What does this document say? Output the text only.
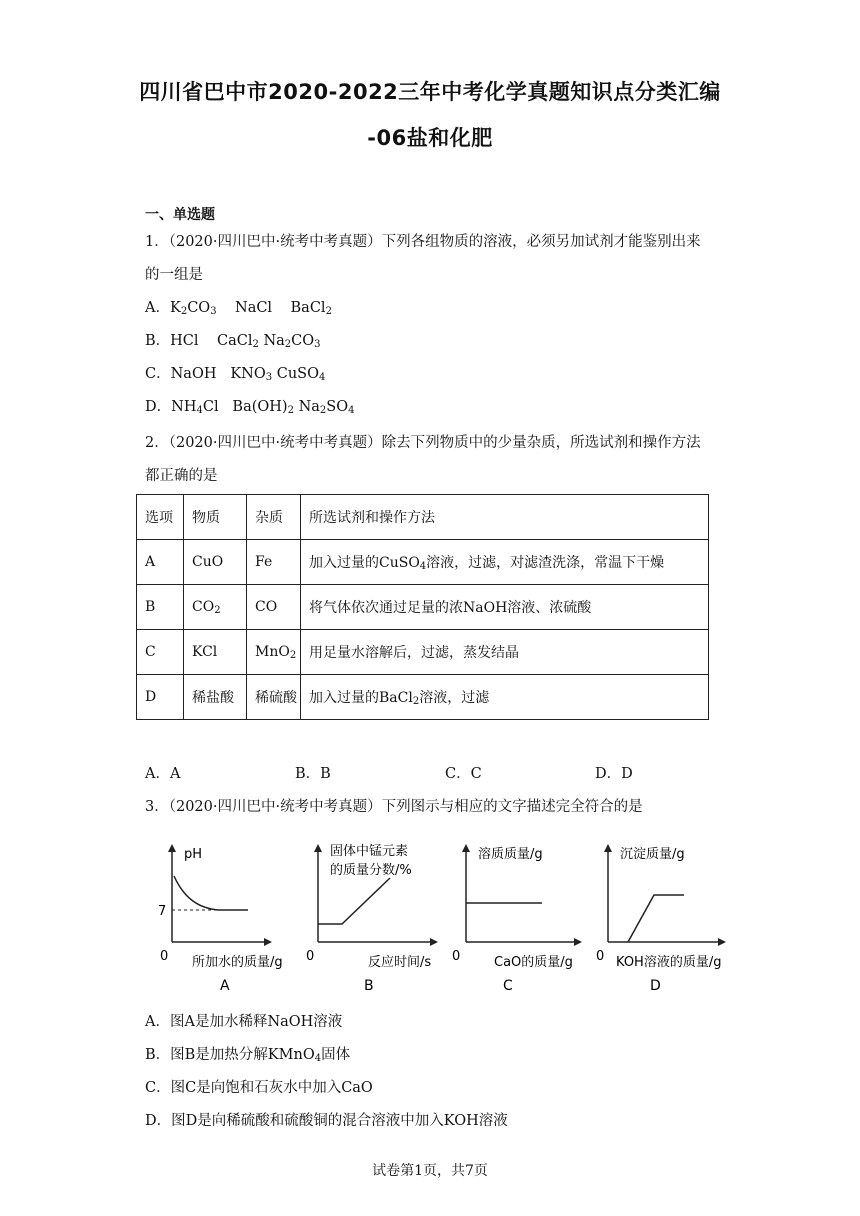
四川省巴中市2020-2022三年中考化学真题知识点分类汇编
-06盐和化肥
一、单选题
1．（2020·四川巴中·统考中考真题）下列各组物质的溶液，必须另加试剂才能鉴别出来
的一组是
A．$K_2CO_3$ NaCl BaCl$_2$
B．HCl CaCl$_2$ $Na_2CO_3$
C．NaOH $KNO_3$ CuSO$_4$
D．$NH_4Cl$ $Ba(OH)_2$ $Na_2SO_4$
2．（2020·四川巴中·统考中考真题）除去下列物质中的少量杂质，所选试剂和操作方法
都正确的是
选项	物质	杂质	所选试剂和操作方法
A	CuO	Fe	加入过量的CuSO$_4$溶液，过滤，对滤渣洗涤，常温下干燥
B	$CO_2$	CO	将气体依次通过足量的浓NaOH溶液、浓硫酸
C	KCl	MnO$_2$	用足量水溶解后，过滤，蒸发结晶
D	稀盐酸	稀硫酸	加入过量的BaCl$_2$溶液，过滤
A．A	B．B	C．C	D．D
3．（2020·四川巴中·统考中考真题）下列图示与相应的文字描述完全符合的是
pH
7
0 所加水的质量/g
A
固体中锰元素
的质量分数/%
0	反应时间/s
B
溶质质量/g
0	CaO的质量/g
C
沉淀质量/g
0 KOH溶液的质量/g
D
A．图A是加水稀释NaOH溶液
B．图B是加热分解KMnO$_4$固体
C．图C是向饱和石灰水中加入CaO
D．图D是向稀硫酸和硫酸铜的混合溶液中加入KOH溶液
试卷第1页，共7页
